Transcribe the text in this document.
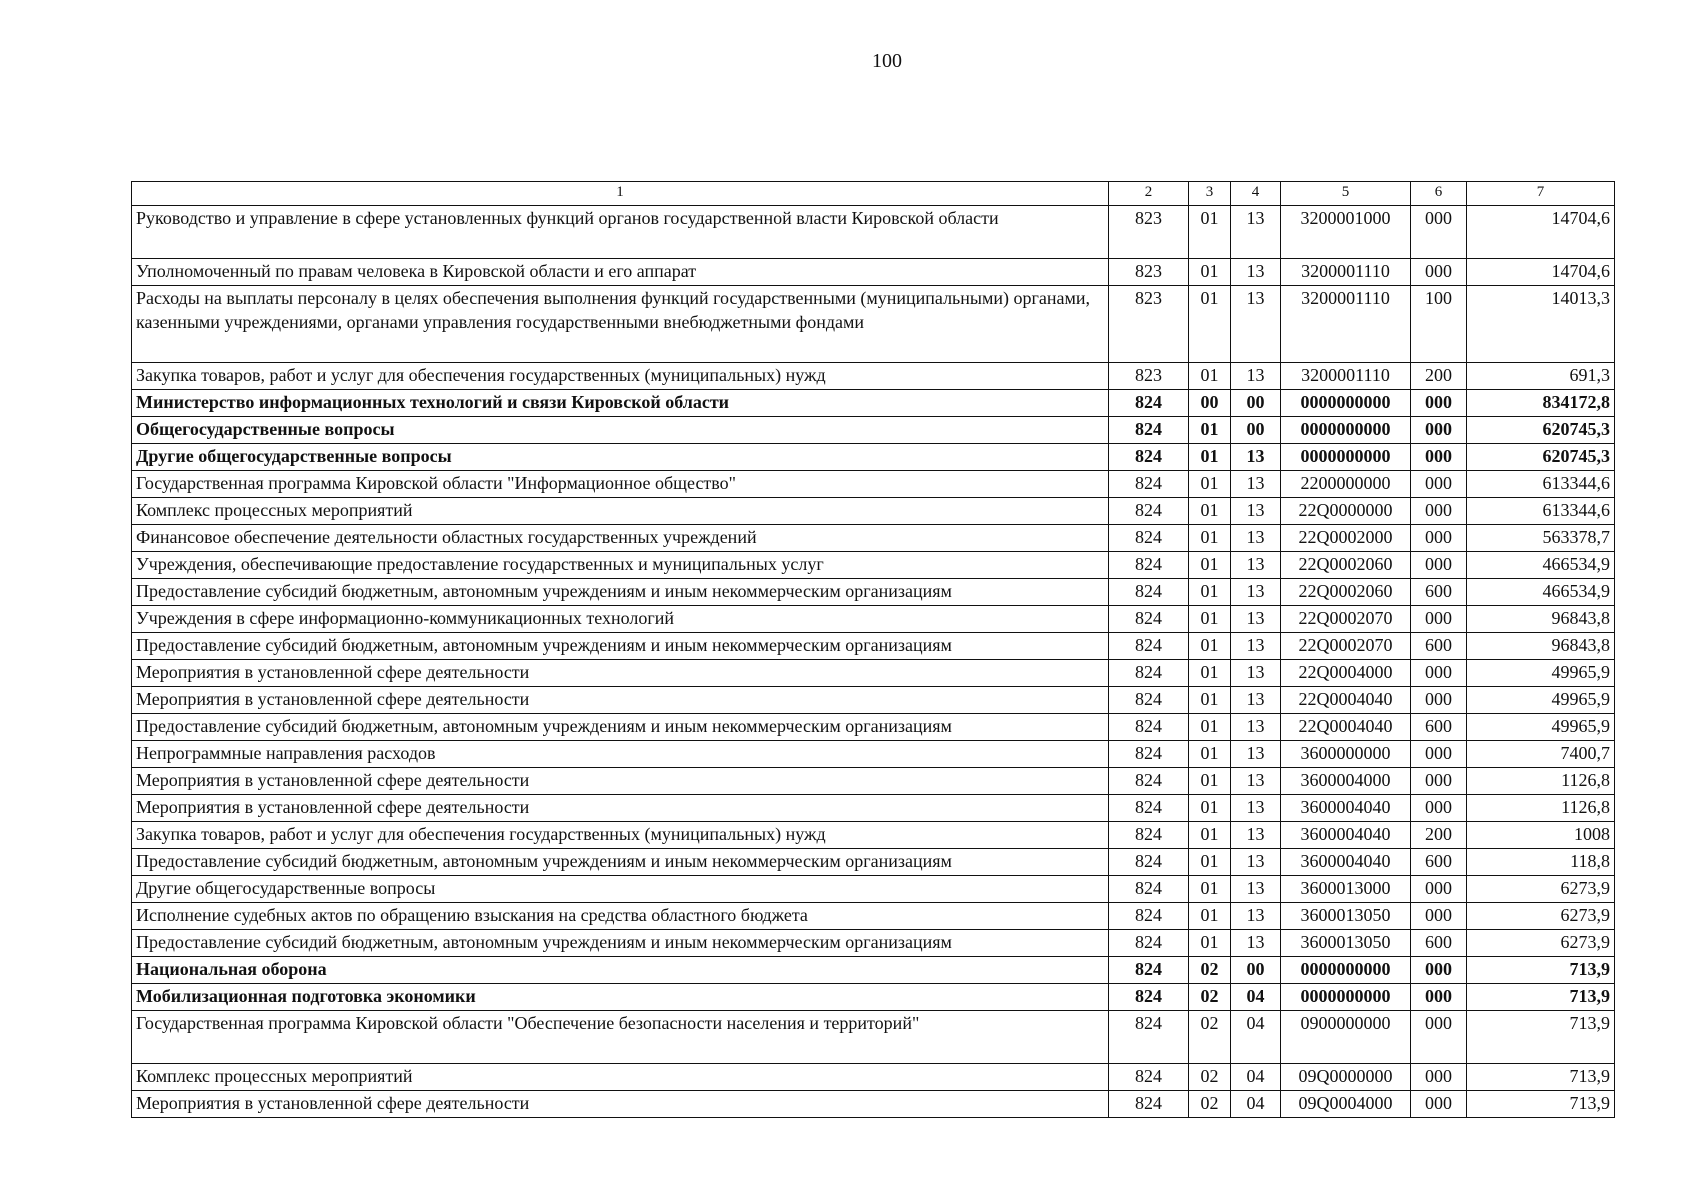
100
1	2	3	4	5	6	7
Руководство и управление в сфере установленных функций органов государственной власти Кировской области	823	01	13	3200001000	000	14704,6
Уполномоченный по правам человека в Кировской области и его аппарат	823	01	13	3200001110	000	14704,6
Расходы на выплаты персоналу в целях обеспечения выполнения функций государственными (муниципальными) органами, казенными учреждениями, органами управления государственными внебюджетными фондами	823	01	13	3200001110	100	14013,3
Закупка товаров, работ и услуг для обеспечения государственных (муниципальных) нужд	823	01	13	3200001110	200	691,3
Министерство информационных технологий и связи Кировской области	824	00	00	0000000000	000	834172,8
Общегосударственные вопросы	824	01	00	0000000000	000	620745,3
Другие общегосударственные вопросы	824	01	13	0000000000	000	620745,3
Государственная программа Кировской области "Информационное общество"	824	01	13	2200000000	000	613344,6
Комплекс процессных мероприятий	824	01	13	22Q0000000	000	613344,6
Финансовое обеспечение деятельности областных государственных учреждений	824	01	13	22Q0002000	000	563378,7
Учреждения, обеспечивающие предоставление государственных и муниципальных услуг	824	01	13	22Q0002060	000	466534,9
Предоставление субсидий бюджетным, автономным учреждениям и иным некоммерческим организациям	824	01	13	22Q0002060	600	466534,9
Учреждения в сфере информационно-коммуникационных технологий	824	01	13	22Q0002070	000	96843,8
Предоставление субсидий бюджетным, автономным учреждениям и иным некоммерческим организациям	824	01	13	22Q0002070	600	96843,8
Мероприятия в установленной сфере деятельности	824	01	13	22Q0004000	000	49965,9
Мероприятия в установленной сфере деятельности	824	01	13	22Q0004040	000	49965,9
Предоставление субсидий бюджетным, автономным учреждениям и иным некоммерческим организациям	824	01	13	22Q0004040	600	49965,9
Непрограммные направления расходов	824	01	13	3600000000	000	7400,7
Мероприятия в установленной сфере деятельности	824	01	13	3600004000	000	1126,8
Мероприятия в установленной сфере деятельности	824	01	13	3600004040	000	1126,8
Закупка товаров, работ и услуг для обеспечения государственных (муниципальных) нужд	824	01	13	3600004040	200	1008
Предоставление субсидий бюджетным, автономным учреждениям и иным некоммерческим организациям	824	01	13	3600004040	600	118,8
Другие общегосударственные вопросы	824	01	13	3600013000	000	6273,9
Исполнение судебных актов по обращению взыскания на средства областного бюджета	824	01	13	3600013050	000	6273,9
Предоставление субсидий бюджетным, автономным учреждениям и иным некоммерческим организациям	824	01	13	3600013050	600	6273,9
Национальная оборона	824	02	00	0000000000	000	713,9
Мобилизационная подготовка экономики	824	02	04	0000000000	000	713,9
Государственная программа Кировской области "Обеспечение безопасности населения и территорий"	824	02	04	0900000000	000	713,9
Комплекс процессных мероприятий	824	02	04	09Q0000000	000	713,9
Мероприятия в установленной сфере деятельности	824	02	04	09Q0004000	000	713,9
